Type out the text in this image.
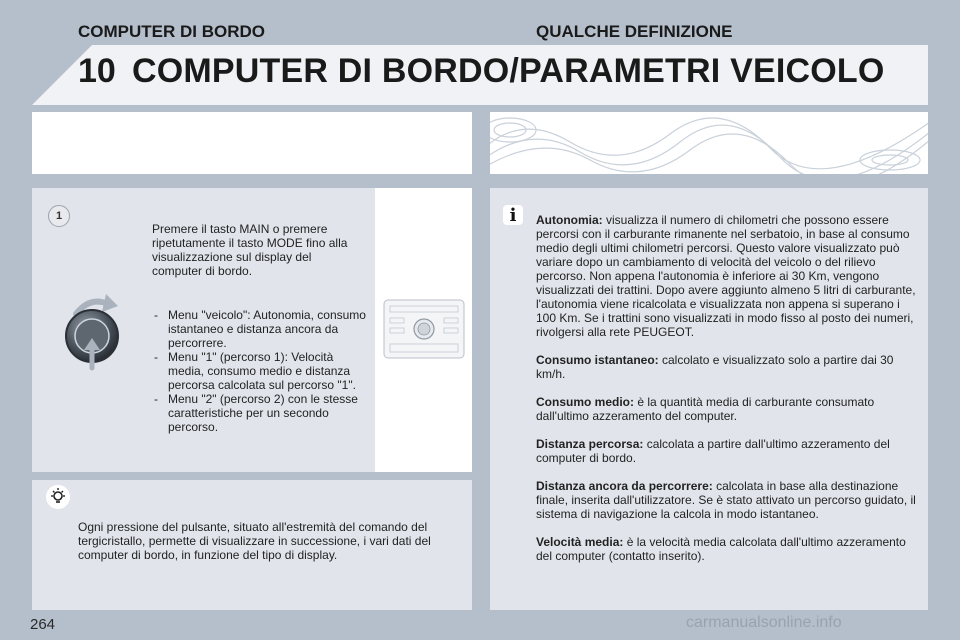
10 COMPUTER DI BORDO/PARAMETRI VEICOLO
COMPUTER DI BORDO	QUALCHE DEFINIZIONE
1
Premere il tasto MAIN o premere ripetutamente il tasto MODE fino alla visualizzazione sul display del computer di bordo.
- Menu "veicolo": Autonomia, consumo istantaneo e distanza ancora da percorrere.
- Menu "1" (percorso 1): Velocità media, consumo medio e distanza percorsa calcolata sul percorso "1".
- Menu "2" (percorso 2) con le stesse caratteristiche per un secondo percorso.
Ogni pressione del pulsante, situato all'estremità del comando del tergicristallo, permette di visualizzare in successione, i vari dati del computer di bordo, in funzione del tipo di display.
i	Autonomia: visualizza il numero di chilometri che possono essere percorsi con il carburante rimanente nel serbatoio, in base al consumo medio degli ultimi chilometri percorsi. Questo valore visualizzato può variare dopo un cambiamento di velocità del veicolo o del rilievo percorso. Non appena l'autonomia è inferiore ai 30 Km, vengono visualizzati dei trattini. Dopo avere aggiunto almeno 5 litri di carburante, l'autonomia viene ricalcolata e visualizzata non appena si superano i 100 Km. Se i trattini sono visualizzati in modo fisso al posto dei numeri, rivolgersi alla rete PEUGEOT.

Consumo istantaneo: calcolato e visualizzato solo a partire dai 30 km/h.

Consumo medio: è la quantità media di carburante consumato dall'ultimo azzeramento del computer.

Distanza percorsa: calcolata a partire dall'ultimo azzeramento del computer di bordo.

Distanza ancora da percorrere: calcolata in base alla destinazione finale, inserita dall'utilizzatore. Se è stato attivato un percorso guidato, il sistema di navigazione la calcola in modo istantaneo.

Velocità media: è la velocità media calcolata dall'ultimo azzeramento del computer (contatto inserito).

264	carmanualsonline.info
